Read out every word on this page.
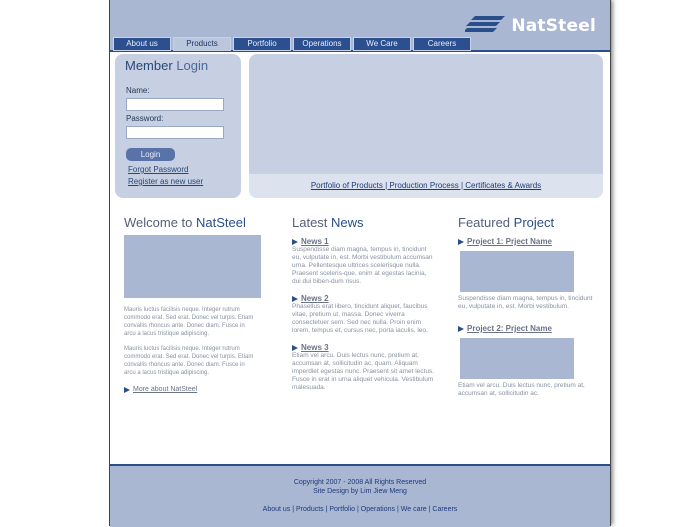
NatSteel
About us	Products	Portfolio	Operations	We Care	Careers
Member Login
Name:
Password:
Login
Forgot Password
Register as new user	Portfolio of Products | Production Process | Certificates & Awards
Welcome to NatSteel

Mauris luctus facilisis neque. Integer rutrum commodo erat. Sed erat. Donec vel turpis. Etiam convallis rhoncus ante. Donec diam. Fusce in arcu a lacus tristique adipiscing.

Mauris luctus facilisis neque. Integer rutrum commodo erat. Sed erat. Donec vel turpis. Etiam convallis rhoncus ante. Donec diam. Fusce in arcu a lacus tristique adipiscing.

More about NatSteel
Latest News
News 1

Suspendisse diam magna, tempus in, tincidunt eu, vulputate in, est. Morbi vestibulum accumsan urna. Pellentesque ultrices scelerisque nulla. Praesent sceleris-que, enim at egestas lacinia, dui dui biben-dum risus.

News 2

Phasellus erat libero, tincidunt aliquet, faucibus vitae, pretium ut, massa. Donec viverra consectetuer sem. Sed nec nulla. Proin enim lorem, tempus et, cursus nec, porta iaculis, leo.

News 3

Etiam vel arcu. Duis lectus nunc, pretium at, accumsan at, sollicitudin ac, quam. Aliquam imperdiet egestas nunc. Praesent sit amet lectus. Fusce in erat in urna aliquet vehicula. Vestibulum malesuada.

Featured Project
Project 1: Prject Name

Suspendisse diam magna, tempus in, tincidunt eu, vulputate in, est. Morbi vestibulum.

Project 2: Prject Name

Etiam vel arcu. Duis lectus nunc, pretium at, accumsan at, sollicitudin ac.

Copyright 2007 - 2008 All Rights Reserved
Site Design by Lim Jiew Meng
About us | Products | Portfolio | Operations | We care | Careers
